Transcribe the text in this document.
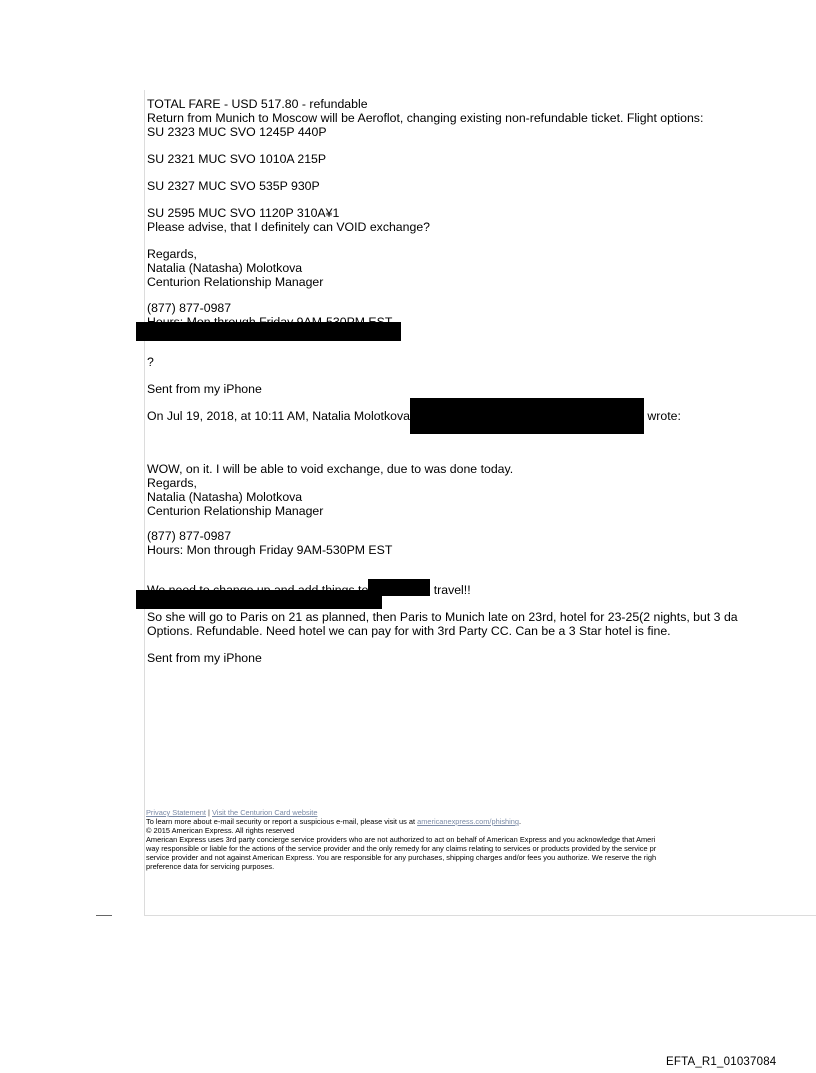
TOTAL FARE - USD 517.80 - refundable
Return from Munich to Moscow will be Aeroflot, changing existing non-refundable ticket. Flight options:
SU 2323 MUC SVO 1245P 440P
SU 2321 MUC SVO 1010A 215P
SU 2327 MUC SVO 535P 930P
SU 2595 MUC SVO 1120P 310A¥1
Please advise, that I definitely can VOID exchange?
Regards,
Natalia (Natasha) Molotkova
Centurion Relationship Manager
(877) 877-0987
?
Sent from my iPhone
On Jul 19, 2018, at 10:11 AM, Natalia Molotkova	wrote:
WOW, on it. I will be able to void exchange, due to was done today.
Regards,
Natalia (Natasha) Molotkova
Centurion Relationship Manager
(877) 877-0987
Hours: Mon through Friday 9AM-530PM EST
travel!!
So she will go to Paris on 21 as planned, then Paris to Munich late on 23rd, hotel for 23-25(2 nights, but 3 da
Options. Refundable. Need hotel we can pay for with 3rd Party CC. Can be a 3 Star hotel is fine.
Sent from my iPhone
Privacy Statement | Visit the Centurion Card website
To learn more about e-mail security or report a suspicious e-mail, please visit us at americanexpress.com/phishing.
© 2015 American Express. All rights reserved
American Express uses 3rd party concierge service providers who are not authorized to act on behalf of American Express and you acknowledge that Ameri
way responsible or liable for the actions of the service provider and the only remedy for any claims relating to services or products provided by the service pr
service provider and not against American Express. You are responsible for any purchases, shipping charges and/or fees you authorize. We reserve the righ
preference data for servicing purposes.
EFTA_R1_01037084
